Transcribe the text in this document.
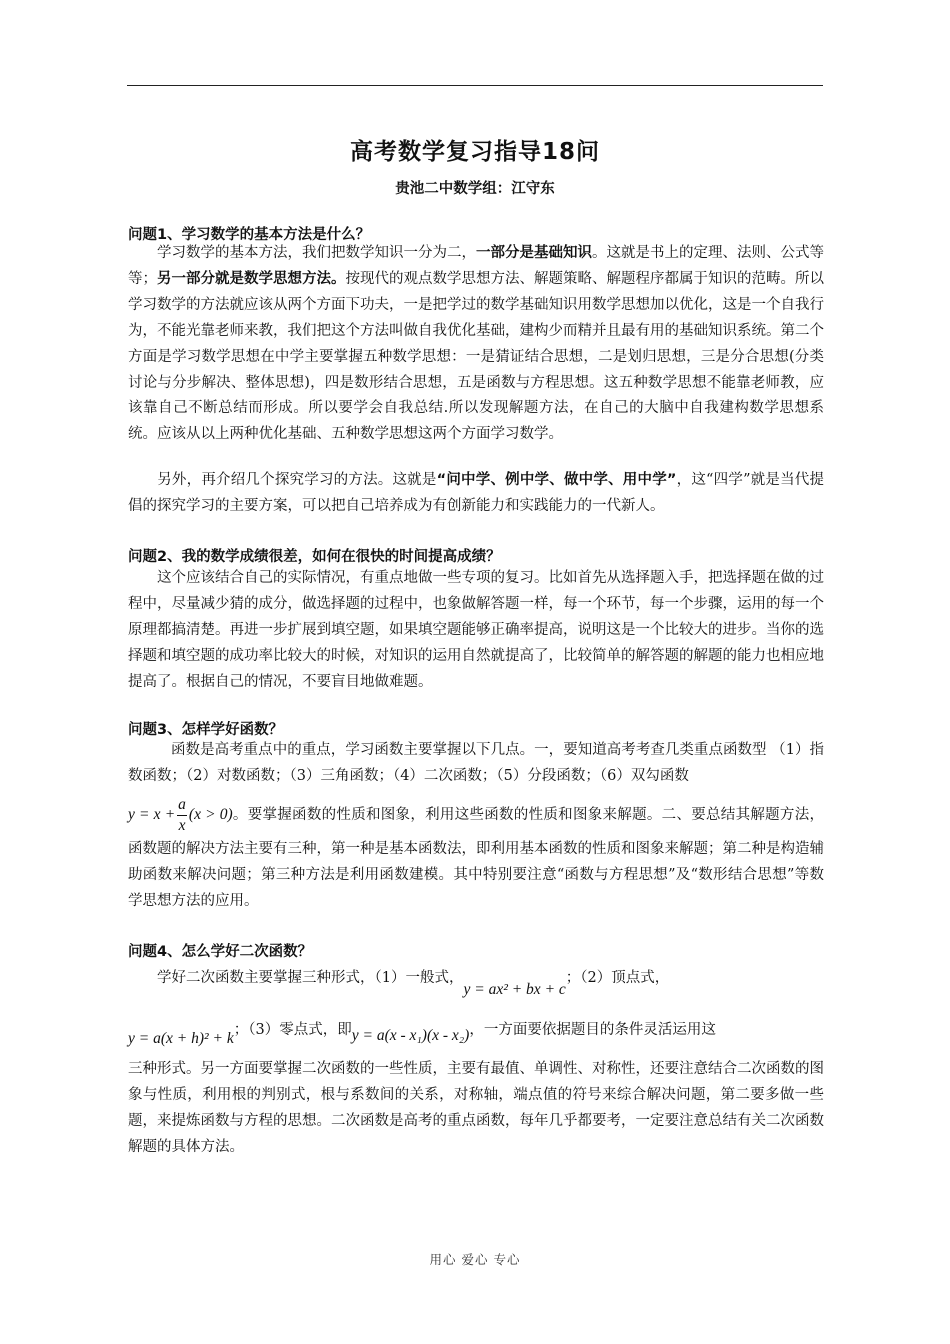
高考数学复习指导18问
贵池二中数学组：江守东
问题1、学习数学的基本方法是什么？
学习数学的基本方法，我们把数学知识一分为二，一部分是基础知识。这就是书上的定理、法则、公式等等；另一部分就是数学思想方法。按现代的观点数学思想方法、解题策略、解题程序都属于知识的范畴。所以学习数学的方法就应该从两个方面下功夫，一是把学过的数学基础知识用数学思想加以优化，这是一个自我行为，不能光靠老师来教，我们把这个方法叫做自我优化基础，建构少而精并且最有用的基础知识系统。第二个方面是学习数学思想在中学主要掌握五种数学思想：一是猜证结合思想，二是划归思想，三是分合思想(分类讨论与分步解决、整体思想)，四是数形结合思想，五是函数与方程思想。这五种数学思想不能靠老师教，应该靠自己不断总结而形成。所以要学会自我总结.所以发现解题方法，在自己的大脑中自我建构数学思想系统。应该从以上两种优化基础、五种数学思想这两个方面学习数学。
另外，再介绍几个探究学习的方法。这就是“问中学、例中学、做中学、用中学”，这“四学”就是当代提倡的探究学习的主要方案，可以把自己培养成为有创新能力和实践能力的一代新人。
问题2、我的数学成绩很差，如何在很快的时间提高成绩？
这个应该结合自己的实际情况，有重点地做一些专项的复习。比如首先从选择题入手，把选择题在做的过程中，尽量减少猜的成分，做选择题的过程中，也象做解答题一样，每一个环节，每一个步骤，运用的每一个原理都搞清楚。再进一步扩展到填空题，如果填空题能够正确率提高，说明这是一个比较大的进步。当你的选择题和填空题的成功率比较大的时候，对知识的运用自然就提高了，比较简单的解答题的解题的能力也相应地提高了。根据自己的情况，不要盲目地做难题。
问题3、怎样学好函数？
函数是高考重点中的重点，学习函数主要掌握以下几点。一，要知道高考考查几类重点函数型 （1）指数函数；（2）对数函数；（3）三角函数；（4）二次函数；（5）分段函数；（6）双勾函数
$y = x + \frac{a}{x} (x > 0)$。要掌握函数的性质和图象，利用这些函数的性质和图象来解题。二、要总结其解题方法，函数题的解决方法主要有三种，第一种是基本函数法，即利用基本函数的性质和图象来解题；第二种是构造辅助函数来解决问题；第三种方法是利用函数建模。其中特别要注意“函数与方程思想”及“数形结合思想”等数学思想方法的应用。
问题4、怎么学好二次函数？
学好二次函数主要掌握三种形式，（1）一般式，y = ax² + bx + c；（2）顶点式，
y = a(x + h)² + k；（3）零点式，即y = a(x - x₁)(x - x₂)，一方面要依据题目的条件灵活运用这
三种形式。另一方面要掌握二次函数的一些性质，主要有最值、单调性、对称性，还要注意结合二次函数的图象与性质，利用根的判别式，根与系数间的关系，对称轴，端点值的符号来综合解决问题，第二要多做一些题，来提炼函数与方程的思想。二次函数是高考的重点函数，每年几乎都要考，一定要注意总结有关二次函数解题的具体方法。
用心 爱心 专心
